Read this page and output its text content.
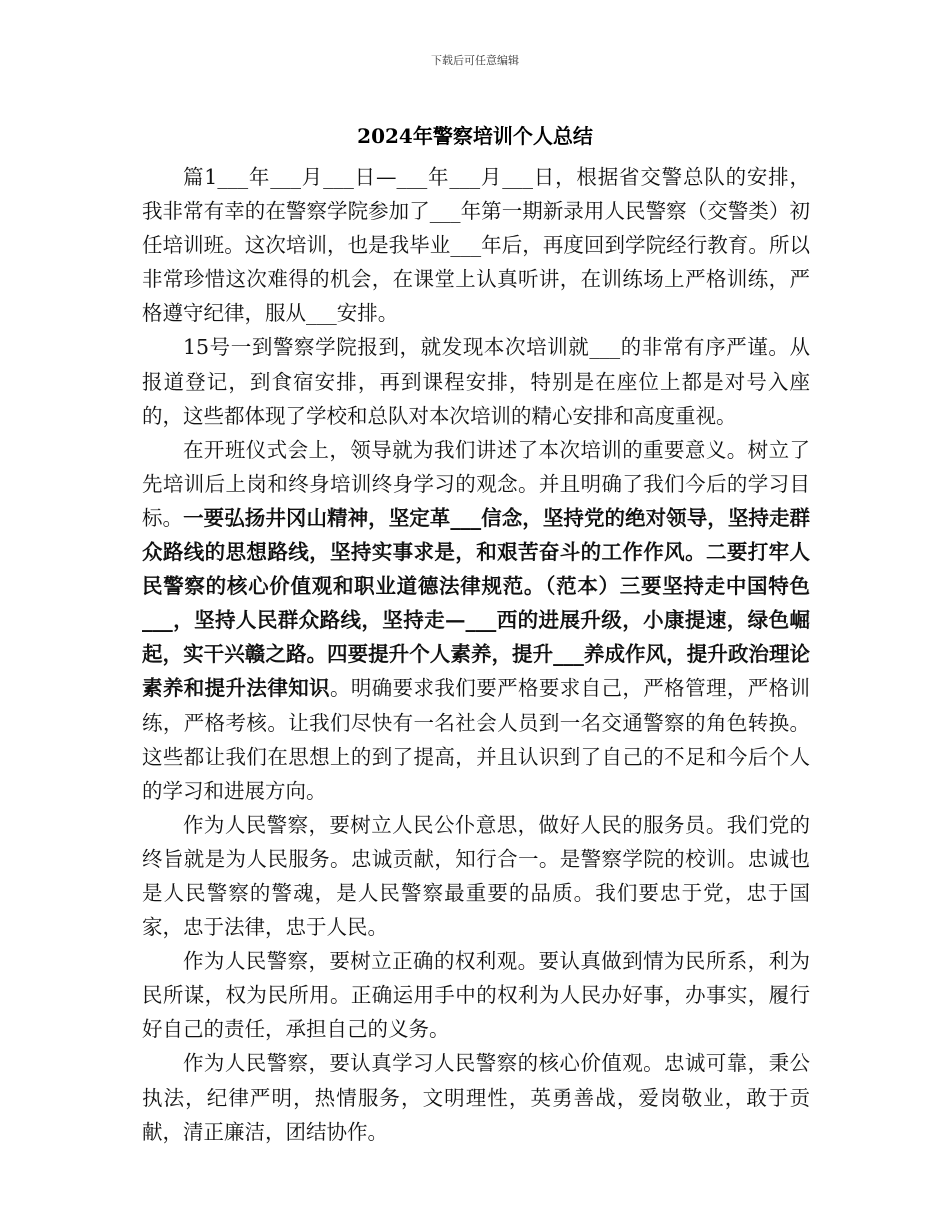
下载后可任意编辑
2024年警察培训个人总结

篇1___年___月___日—___年___月___日，根据省交警总队的安排，我非常有幸的在警察学院参加了___年第一期新录用人民警察（交警类）初任培训班。这次培训，也是我毕业___年后，再度回到学院经行教育。所以非常珍惜这次难得的机会，在课堂上认真听讲，在训练场上严格训练，严格遵守纪律，服从___安排。

15号一到警察学院报到，就发现本次培训就___的非常有序严谨。从报道登记，到食宿安排，再到课程安排，特别是在座位上都是对号入座的，这些都体现了学校和总队对本次培训的精心安排和高度重视。

在开班仪式会上，领导就为我们讲述了本次培训的重要意义。树立了先培训后上岗和终身培训终身学习的观念。并且明确了我们今后的学习目标。一要弘扬井冈山精神，坚定革___信念，坚持党的绝对领导，坚持走群众路线的思想路线，坚持实事求是，和艰苦奋斗的工作作风。二要打牢人民警察的核心价值观和职业道德法律规范。（范本）三要坚持走中国特色___，坚持人民群众路线，坚持走—___西的进展升级，小康提速，绿色崛起，实干兴赣之路。四要提升个人素养，提升___养成作风，提升政治理论素养和提升法律知识。明确要求我们要严格要求自己，严格管理，严格训练，严格考核。让我们尽快有一名社会人员到一名交通警察的角色转换。这些都让我们在思想上的到了提高，并且认识到了自己的不足和今后个人的学习和进展方向。

作为人民警察，要树立人民公仆意思，做好人民的服务员。我们党的终旨就是为人民服务。忠诚贡献，知行合一。是警察学院的校训。忠诚也是人民警察的警魂，是人民警察最重要的品质。我们要忠于党，忠于国家，忠于法律，忠于人民。

作为人民警察，要树立正确的权利观。要认真做到情为民所系，利为民所谋，权为民所用。正确运用手中的权利为人民办好事，办事实，履行好自己的责任，承担自己的义务。

作为人民警察，要认真学习人民警察的核心价值观。忠诚可靠，秉公执法，纪律严明，热情服务，文明理性，英勇善战，爱岗敬业，敢于贡献，清正廉洁，团结协作。
